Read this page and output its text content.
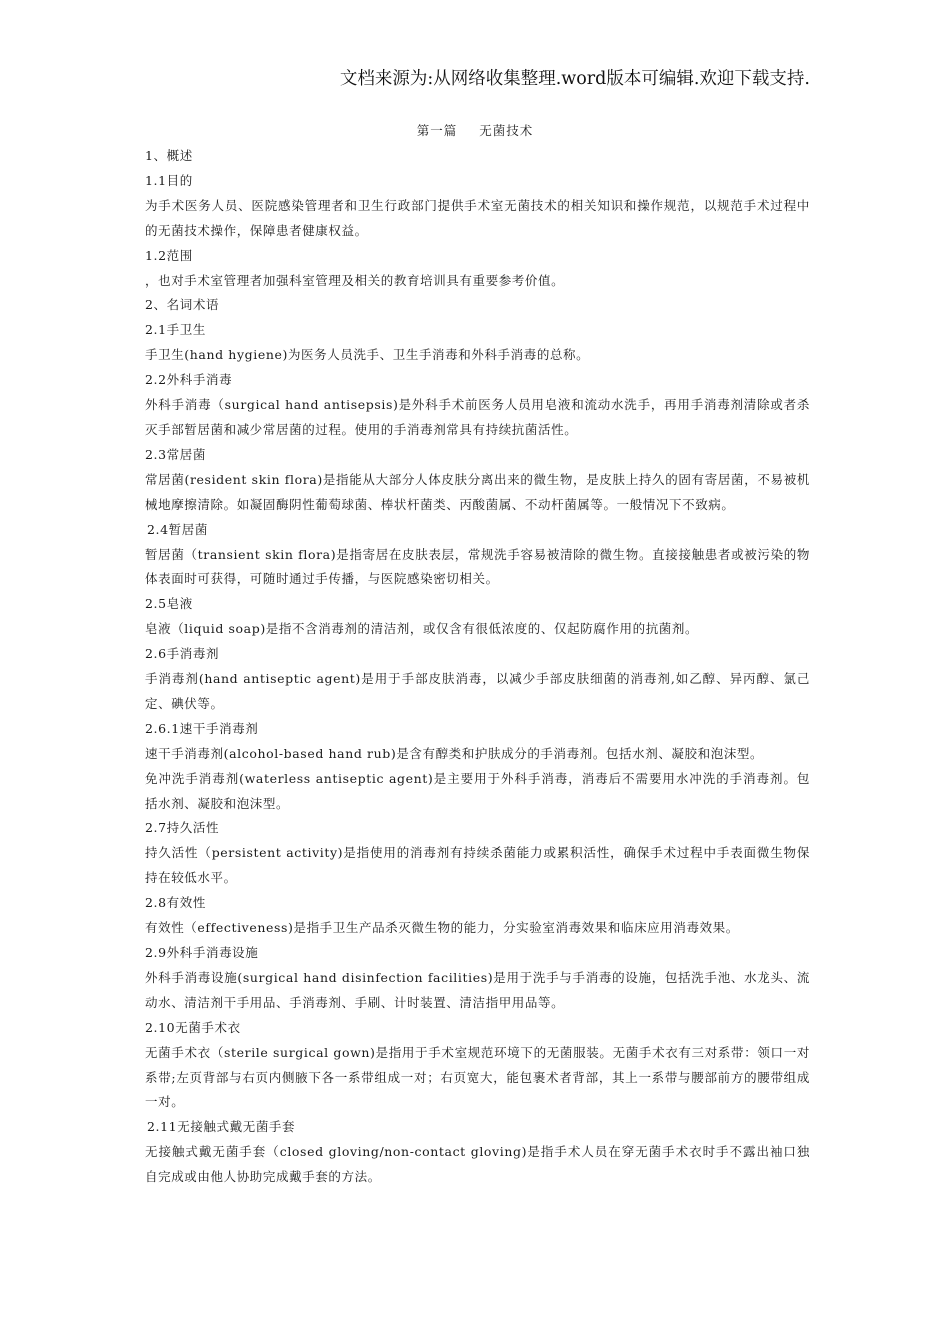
文档来源为:从网络收集整理.word版本可编辑.欢迎下载支持.
第一篇 无菌技术

1、概述

1.1目的

为手术医务人员、医院感染管理者和卫生行政部门提供手术室无菌技术的相关知识和操作规范，以规范手术过程中的无菌技术操作，保障患者健康权益。

1.2范围

，也对手术室管理者加强科室管理及相关的教育培训具有重要参考价值。

2、名词术语

2.1手卫生

手卫生(hand hygiene)为医务人员洗手、卫生手消毒和外科手消毒的总称。

2.2外科手消毒

外科手消毒（surgical hand antisepsis)是外科手术前医务人员用皂液和流动水洗手，再用手消毒剂清除或者杀灭手部暂居菌和减少常居菌的过程。使用的手消毒剂常具有持续抗菌活性。

2.3常居菌

常居菌(resident skin flora)是指能从大部分人体皮肤分离出来的微生物，是皮肤上持久的固有寄居菌，不易被机械地摩擦清除。如凝固酶阴性葡萄球菌、棒状杆菌类、丙酸菌属、不动杆菌属等。一般情况下不致病。

2.4暂居菌

暂居菌（transient skin flora)是指寄居在皮肤表层，常规洗手容易被清除的微生物。直接接触患者或被污染的物体表面时可获得，可随时通过手传播，与医院感染密切相关。

2.5皂液

皂液（liquid soap)是指不含消毒剂的清洁剂，或仅含有很低浓度的、仅起防腐作用的抗菌剂。

2.6手消毒剂

手消毒剂(hand antiseptic agent)是用于手部皮肤消毒，以减少手部皮肤细菌的消毒剂,如乙醇、异丙醇、氯己定、碘伏等。

2.6.1速干手消毒剂

速干手消毒剂(alcohol-based hand rub)是含有醇类和护肤成分的手消毒剂。包括水剂、凝胶和泡沫型。

免冲洗手消毒剂(waterless antiseptic agent)是主要用于外科手消毒，消毒后不需要用水冲洗的手消毒剂。包括水剂、凝胶和泡沫型。

2.7持久活性

持久活性（persistent activity)是指使用的消毒剂有持续杀菌能力或累积活性，确保手术过程中手表面微生物保持在较低水平。

2.8有效性

有效性（effectiveness)是指手卫生产品杀灭微生物的能力，分实验室消毒效果和临床应用消毒效果。

2.9外科手消毒设施

外科手消毒设施(surgical hand disinfection facilities)是用于洗手与手消毒的设施，包括洗手池、水龙头、流动水、清洁剂干手用品、手消毒剂、手刷、计时装置、清洁指甲用品等。

2.10无菌手术衣

无菌手术衣（sterile surgical gown)是指用于手术室规范环境下的无菌服装。无菌手术衣有三对系带：领口一对系带;左页背部与右页内侧腋下各一系带组成一对；右页宽大，能包裹术者背部，其上一系带与腰部前方的腰带组成一对。

2.11无接触式戴无菌手套

无接触式戴无菌手套（closed gloving/non-contact gloving)是指手术人员在穿无菌手术衣时手不露出袖口独自完成或由他人协助完成戴手套的方法。
